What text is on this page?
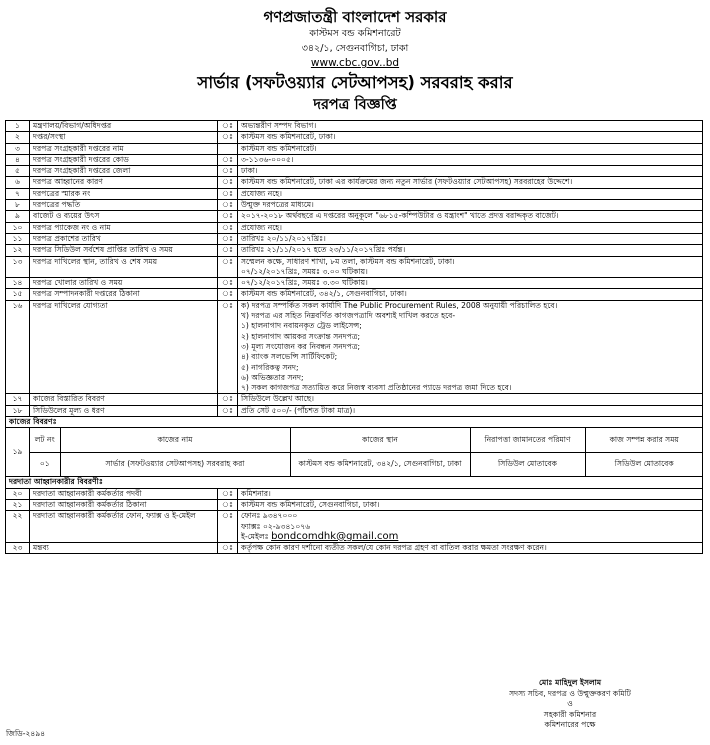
গণপ্রজাতন্ত্রী বাংলাদেশ সরকার
কাস্টমস বন্ড কমিশনারেট
৩৪২/১, সেগুনবাগিচা, ঢাকা
www.cbc.gov..bd
সার্ভার (সফটওয়্যার সেটআপসহ) সরবরাহ করার
দরপত্র বিজ্ঞপ্তি
১	মন্ত্রণালয়/বিভাগ/অধিদপ্তর	ঃ	অভ্যন্তরীণ সম্পদ বিভাগ।
২	দপ্তর/সংস্থা	ঃ	কাস্টমস বন্ড কমিশনারেট, ঢাকা।
৩	দরপত্র সংগ্রহকারী দপ্তরের নাম		কাস্টমস বন্ড কমিশনারেট।
৪	দরপত্র সংগ্রহকারী দপ্তরের কোড	ঃ	৩-১১৩৬-০০০৫।
৫	দরপত্র সংগ্রহকারী দপ্তরের জেলা	ঃ	ঢাকা।
৬	দরপত্র আহ্বানের কারণ	ঃ	কাস্টমস বন্ড কমিশনারেট, ঢাকা এর কার্যক্রমের জন্য নতুন সার্ভার (সফটওয়্যার সেটআপসহ) সরবরাহের উদ্দেশে।
৭	দরপত্রের স্মারক নং	ঃ	প্রযোজ্য নহে।
৮	দরপত্রের পদ্ধতি	ঃ	উন্মুক্ত দরপত্রের মাধ্যমে।
৯	বাজেট ও ব্যয়ের উৎস	ঃ	২০১৭-২০১৮ অর্থবছরে এ দপ্তরের অনুকূলে "৬৮১৫-কম্পিউটার ও যন্ত্রাংশ" খাতে প্রদত্ত বরাদ্দকৃত বাজেট।
১০	দরপত্র প্যাকেজ নং ও নাম	ঃ	প্রযোজ্য নহে।
১১	দরপত্র প্রকাশের তারিখ	ঃ	তারিখঃ ২০/১১/২০১৭খ্রিঃ।
১২	দরপত্র সিডিউল সর্বশেষ প্রাপ্তির তারিখ ও সময়	ঃ	তারিখঃ ২১/১১/২০১৭ হতে ২৩/১১/২০১৭খ্রিঃ পর্যন্ত।
১৩	দরপত্র দাখিলের স্থান, তারিখ ও শেষ সময়	ঃ	সম্মেলন কক্ষে, সাধারণ শাখা, ৮ম তলা, কাস্টমস বন্ড কমিশনারেট, ঢাকা।
০৭/১২/২০১৭খ্রিঃ, সময়ঃ ৩.০০ ঘটিকায়।

১৪	দরপত্র খোলার তারিখ ও সময়	ঃ	০৭/১২/২০১৭খ্রিঃ, সময়ঃ ৩.৩০ ঘটিকায়।
১৫	দরপত্র সম্পাদনকারী দপ্তরের ঠিকানা	ঃ	কাস্টমস বন্ড কমিশনারেট, ৩৪২/১, সেগুনবাগিচা, ঢাকা।
১৬	দরপত্র দাখিলের যোগ্যতা	ঃ	ক) দরপত্র সম্পর্কিত সকল কার্যাদি The Public Procurement Rules, 2008 অনুযায়ী পরিচালিত হবে।
খ) দরপত্র এর সহিত নিম্নবর্ণিত কাগজপত্রাদি অবশ্যই দাখিল করতে হবে-
১) হালনাগাদ নবায়নকৃত ট্রেড লাইসেন্স;
২) হালনাগাদ আয়কর সংক্রান্ত সনদপত্র;
৩) মূল্য সংযোজন কর নিবন্ধন সনদপত্র;
৪) ব্যাংক সলভেন্সি সার্টিফিকেট;
৫) নাগরিকত্ব সনদ;
৬) অভিজ্ঞতার সনদ;
৭) সকল কাগজপত্র সত্যায়িত করে নিজস্ব ব্যবসা প্রতিষ্ঠানের প্যাডে দরপত্র জমা দিতে হবে।

১৭	কাজের বিস্তারিত বিবরণ	ঃ	সিডিউলে উল্লেখ আছে।
১৮	সিডিউলের মূল্য ও ধরণ	ঃ	প্রতি সেট ৫০০/- (পাঁচশত টাকা মাত্র)।
কাজের বিবরণঃ
১৯	
লট নং	কাজের নাম	কাজের স্থান	নিরাপত্তা জামানতের পরিমাণ	কাজ সম্পন্ন করার সময়
০১	সার্ভার (সফটওয়্যার সেটআপসহ) সরবরাহ করা	কাস্টমস বন্ড কমিশনারেট, ৩৪২/১, সেগুনবাগিচা, ঢাকা	সিডিউল মোতাবেক	সিডিউল মোতাবেক

দরদাতা আহ্বানকারীর বিবরণীঃ
২০	দরদাতা আহ্বানকারী কর্মকর্তার পদবী	ঃ	কমিশনার।
২১	দরদাতা আহ্বানকারী কর্মকর্তার ঠিকানা	ঃ	কাস্টমস বন্ড কমিশনারেট, সেগুনবাগিচা, ঢাকা।
২২	দরদাতা আহ্বানকারী কর্মকর্তার ফোন, ফ্যাক্স ও ই-মেইল	ঃ	ফোনঃ ৯৩৪৭০০০
ফ্যাক্সঃ ০২-৯৩৪১০৭৬
ই-মেইলঃ bondcomdhk@gmail.com

২৩	মন্তব্য	ঃ	কর্তৃপক্ষ কোন কারণ দর্শানো ব্যতীত সকল/যে কোন দরপত্র গ্রহণ বা বাতিল করার ক্ষমতা সংরক্ষণ করেন।
মোঃ মাহিদুল ইসলাম
সদস্য সচিব, দরপত্র ও উন্মুক্তকরণ কমিটি
ও
সহকারী কমিশনার
কমিশনারের পক্ষে
জিডি-২৪৯৪
